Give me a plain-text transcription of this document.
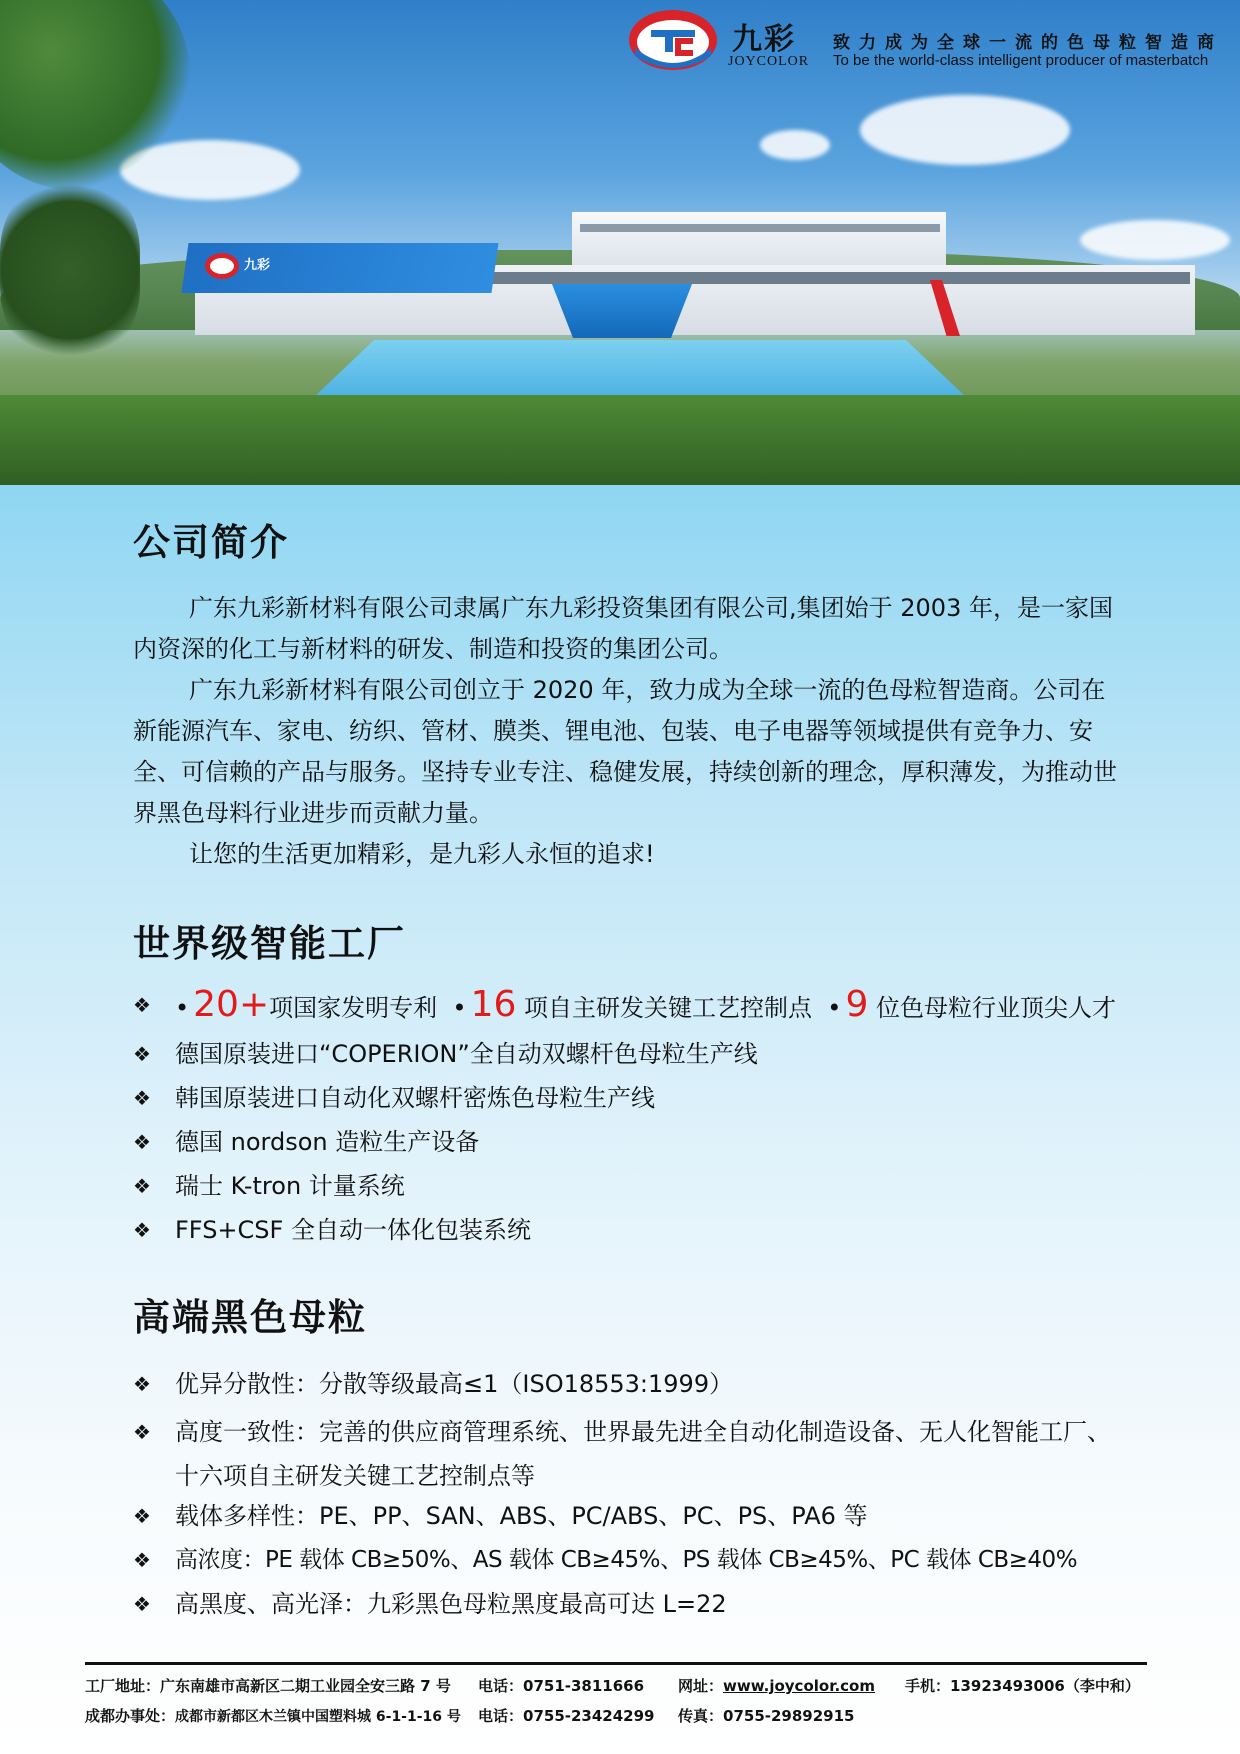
九彩
九彩
JOYCOLOR
致力成为全球一流的色母粒智造商
To be the world-class intelligent producer of masterbatch
公司简介
广东九彩新材料有限公司隶属广东九彩投资集团有限公司,集团始于 2003 年，是一家国内资深的化工与新材料的研发、制造和投资的集团公司。
广东九彩新材料有限公司创立于 2020 年，致力成为全球一流的色母粒智造商。公司在新能源汽车、家电、纺织、管材、膜类、锂电池、包装、电子电器等领域提供有竞争力、安全、可信赖的产品与服务。坚持专业专注、稳健发展，持续创新的理念，厚积薄发，为推动世界黑色母料行业进步而贡献力量。
让您的生活更加精彩，是九彩人永恒的追求!
世界级智能工厂
❖	• 20+项国家发明专利  • 16 项自主研发关键工艺控制点  • 9 位色母粒行业顶尖人才
❖	德国原装进口“COPERION”全自动双螺杆色母粒生产线
❖	韩国原装进口自动化双螺杆密炼色母粒生产线
❖	德国 nordson 造粒生产设备
❖	瑞士 K-tron 计量系统
❖	FFS+CSF 全自动一体化包装系统
高端黑色母粒
❖	优异分散性：分散等级最高≤1（ISO18553:1999）
❖	高度一致性：完善的供应商管理系统、世界最先进全自动化制造设备、无人化智能工厂、十六项自主研发关键工艺控制点等
❖	载体多样性：PE、PP、SAN、ABS、PC/ABS、PC、PS、PA6 等
❖	高浓度：PE 载体 CB≥50%、AS 载体 CB≥45%、PS 载体 CB≥45%、PC 载体 CB≥40%
❖	高黑度、高光泽：九彩黑色母粒黑度最高可达 L=22
工厂地址：广东南雄市高新区二期工业园全安三路 7 号 电话：0751-3811666 网址：www.joycolor.com 手机：13923493006（李中和）
成都办事处：成都市新都区木兰镇中国塑料城 6-1-1-16 号 电话：0755-23424299 传真：0755-29892915
